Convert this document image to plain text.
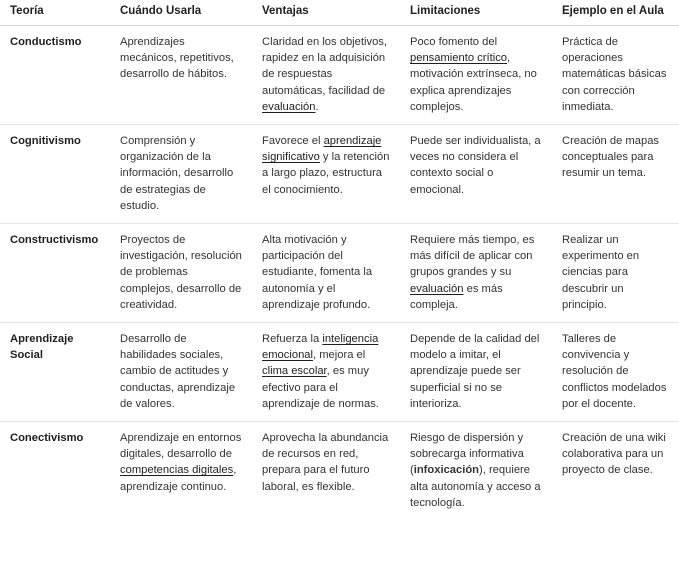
Teoría	Cuándo Usarla	Ventajas	Limitaciones	Ejemplo en el Aula
Conductismo	Aprendizajes mecánicos, repetitivos, desarrollo de hábitos.	Claridad en los objetivos, rapidez en la adquisición de respuestas automáticas, facilidad de evaluación.	Poco fomento del pensamiento crítico, motivación extrínseca, no explica aprendizajes complejos.	Práctica de operaciones matemáticas básicas con corrección inmediata.
Cognitivismo	Comprensión y organización de la información, desarrollo de estrategias de estudio.	Favorece el aprendizaje significativo y la retención a largo plazo, estructura el conocimiento.	Puede ser individualista, a veces no considera el contexto social o emocional.	Creación de mapas conceptuales para resumir un tema.
Constructivismo	Proyectos de investigación, resolución de problemas complejos, desarrollo de creatividad.	Alta motivación y participación del estudiante, fomenta la autonomía y el aprendizaje profundo.	Requiere más tiempo, es más difícil de aplicar con grupos grandes y su evaluación es más compleja.	Realizar un experimento en ciencias para descubrir un principio.
Aprendizaje Social	Desarrollo de habilidades sociales, cambio de actitudes y conductas, aprendizaje de valores.	Refuerza la inteligencia emocional, mejora el clima escolar, es muy efectivo para el aprendizaje de normas.	Depende de la calidad del modelo a imitar, el aprendizaje puede ser superficial si no se interioriza.	Talleres de convivencia y resolución de conflictos modelados por el docente.
Conectivismo	Aprendizaje en entornos digitales, desarrollo de competencias digitales, aprendizaje continuo.	Aprovecha la abundancia de recursos en red, prepara para el futuro laboral, es flexible.	Riesgo de dispersión y sobrecarga informativa (infoxicación), requiere alta autonomía y acceso a tecnología.	Creación de una wiki colaborativa para un proyecto de clase.
